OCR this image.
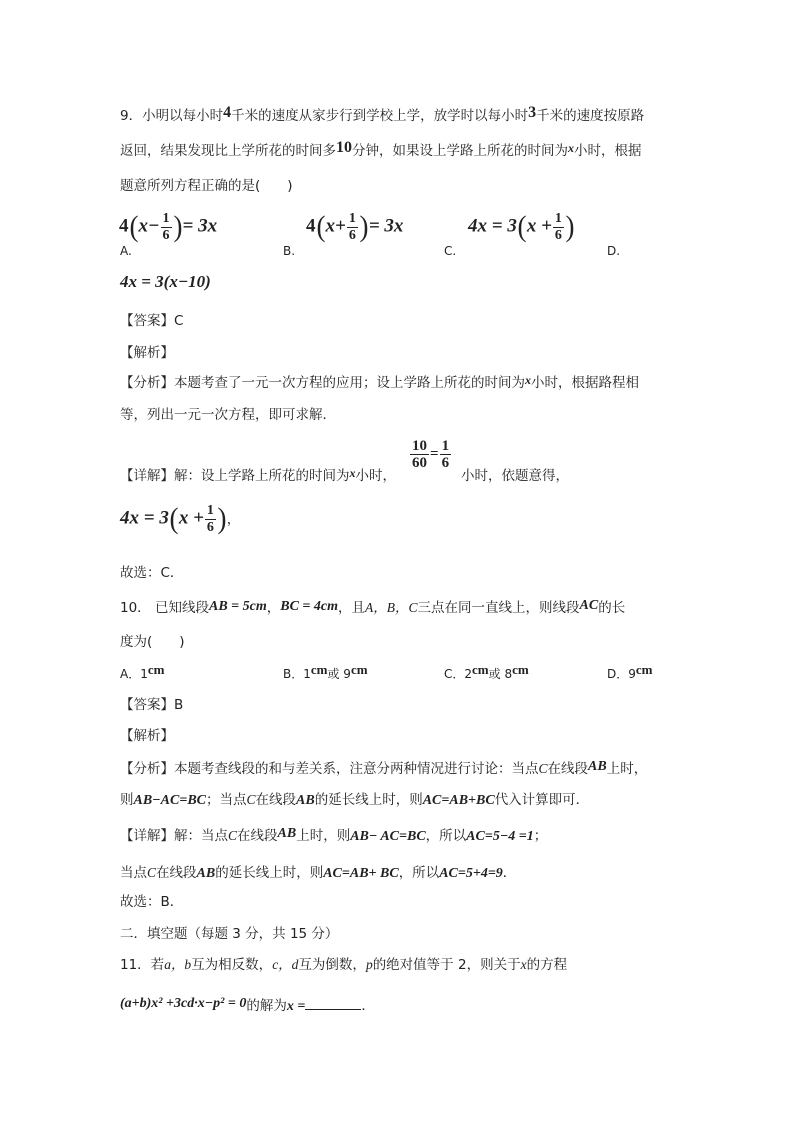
9．小明以每小时4千米的速度从家步行到学校上学，放学时以每小时3千米的速度按原路
返回，结果发现比上学所花的时间多10分钟，如果设上学路上所花的时间为x小时，根据
题意所列方程正确的是(　　)
$4(x- \frac{1}{6}$ )= 3x
A.
$4(x+ \frac{1}{6}$ )= 3x
B.
$4x = 3(x + \frac{1}{6}$ )
C.	D.
4x = 3(x−10)
【答案】C
【解析】
【分析】本题考查了一元一次方程的应用；设上学路上所花的时间为x小时，根据路程相
等，列出一元一次方程，即可求解．
【详解】解：设上学路上所花的时间为x小时，
$\frac{10}{60} = \frac{1}{6}$
小时，依题意得，
$4x = 3(x + \frac{1}{6}$ )，
故选：C．
10． 已知线段AB = 5cm，BC = 4cm，且A，B，C三点在同一直线上，则线段AC的长
度为(　　)
A．1cm	B．1cm或 9cm	C．2cm或 8cm	D．9cm
【答案】B
【解析】
【分析】本题考查线段的和与差关系，注意分两种情况进行讨论：当点C在线段AB上时，
则AB−AC=BC；当点C在线段AB的延长线上时，则AC=AB+BC代入计算即可．
【详解】解：当点C在线段AB上时，则AB− AC=BC，所以AC=5−4 =1；
当点C在线段AB的延长线上时，则AC=AB+ BC，所以AC=5+4=9．
故选：B．
二．填空题（每题 3 分，共 15 分）
11．若a，b互为相反数，c，d互为倒数，p的绝对值等于 2，则关于x的方程
(a+b)x² +3cd·x−p² = 0的解为x =	．
